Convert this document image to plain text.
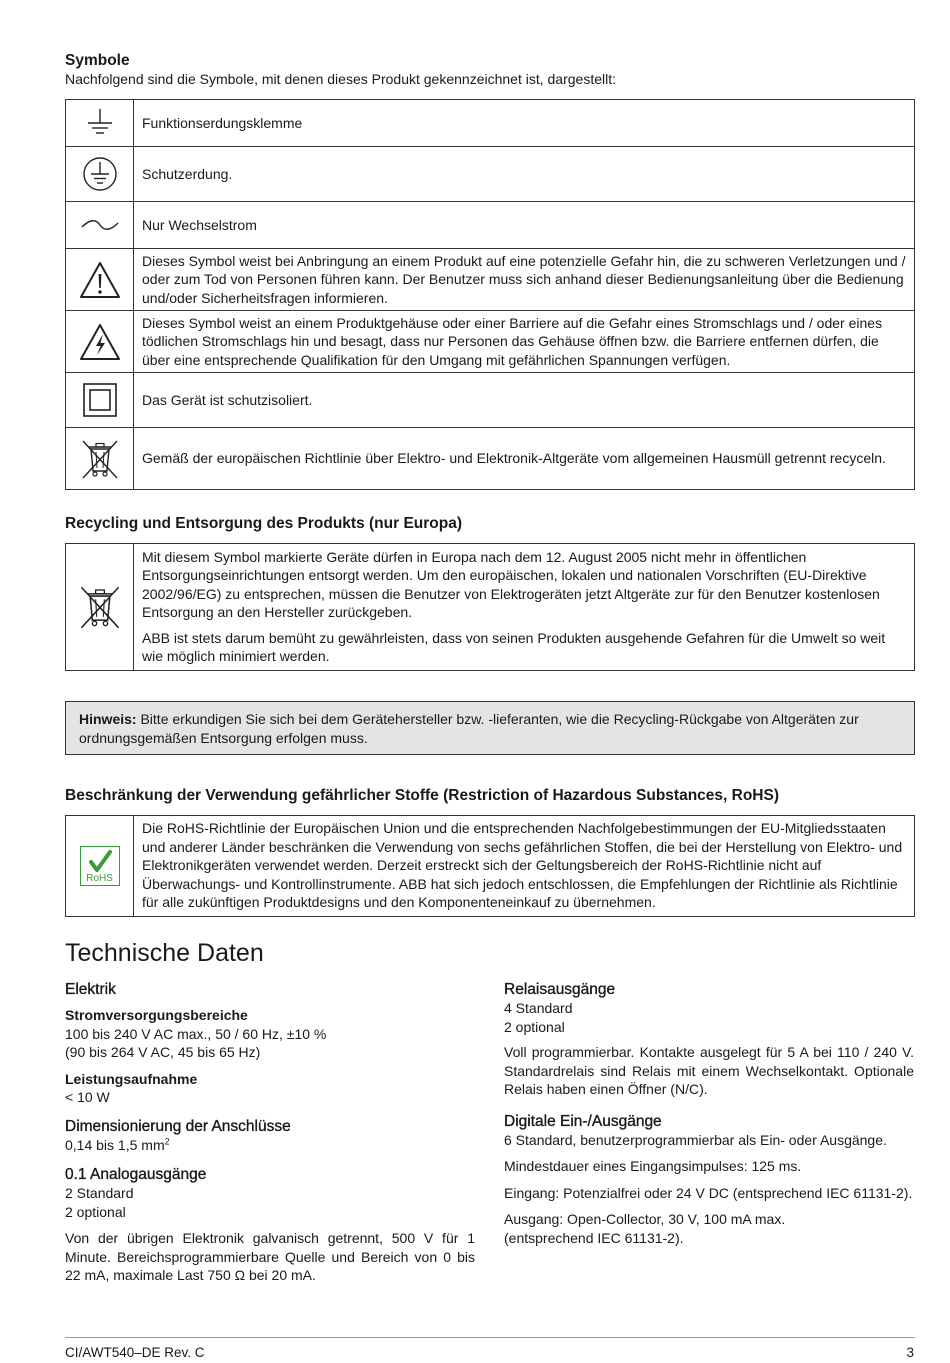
Symbole

Nachfolgend sind die Symbole, mit denen dieses Produkt gekennzeichnet ist, dargestellt:

	Funktionserdungsklemme

	Schutzerdung.

	Nur Wechselstrom

	Dieses Symbol weist bei Anbringung an einem Produkt auf eine potenzielle Gefahr hin, die zu schweren Verletzungen und / oder zum Tod von Personen führen kann. Der Benutzer muss sich anhand dieser Bedienungsanleitung über die Bedienung und/oder Sicherheitsfragen informieren.

	Dieses Symbol weist an einem Produktgehäuse oder einer Barriere auf die Gefahr eines Stromschlags und / oder eines tödlichen Stromschlags hin und besagt, dass nur Personen das Gehäuse öffnen bzw. die Barriere entfernen dürfen, die über eine entsprechende Qualifikation für den Umgang mit gefährlichen Spannungen verfügen.

	Das Gerät ist schutzisoliert.

	Gemäß der europäischen Richtlinie über Elektro- und Elektronik-Altgeräte vom allgemeinen Hausmüll getrennt recyceln.
Recycling und Entsorgung des Produkts (nur Europa)

Mit diesem Symbol markierte Geräte dürfen in Europa nach dem 12. August 2005 nicht mehr in öffentlichen Entsorgungseinrichtungen entsorgt werden. Um den europäischen, lokalen und nationalen Vorschriften (EU-Direktive 2002/96/EG) zu entsprechen, müssen die Benutzer von Elektrogeräten jetzt Altgeräte zur für den Benutzer kostenlosen Entsorgung an den Hersteller zurückgeben.

ABB ist stets darum bemüht zu gewährleisten, dass von seinen Produkten ausgehende Gefahren für die Umwelt so weit wie möglich minimiert werden.

Hinweis: Bitte erkundigen Sie sich bei dem Gerätehersteller bzw. -lieferanten, wie die Recycling-Rückgabe von Altgeräten zur ordnungsgemäßen Entsorgung erfolgen muss.
Beschränkung der Verwendung gefährlicher Stoffe (Restriction of Hazardous Substances, RoHS)
RoHS
	Die RoHS-Richtlinie der Europäischen Union und die entsprechenden Nachfolgebestimmungen der EU-Mitgliedsstaaten und anderer Länder beschränken die Verwendung von sechs gefährlichen Stoffen, die bei der Herstellung von Elektro- und Elektronikgeräten verwendet werden. Derzeit erstreckt sich der Geltungsbereich der RoHS-Richtlinie nicht auf Überwachungs- und Kontrollinstrumente. ABB hat sich jedoch entschlossen, die Empfehlungen der Richtlinie als Richtlinie für alle zukünftigen Produktdesigns und den Komponenteneinkauf zu übernehmen.
Technische Daten
Elektrik
Stromversorgungsbereiche

100 bis 240 V AC max., 50 / 60 Hz, ±10 %

(90 bis 264 V AC, 45 bis 65 Hz)

Leistungsaufnahme

< 10 W

Dimensionierung der Anschlüsse

0,14 bis 1,5 $mm^2$

0.1 Analogausgänge

2 Standard

2 optional

Von der übrigen Elektronik galvanisch getrennt, 500 V für 1 Minute. Bereichsprogrammierbare Quelle und Bereich von 0 bis 22 mA, maximale Last 750 Ω bei 20 mA.

Relaisausgänge

4 Standard

2 optional

Voll programmierbar. Kontakte ausgelegt für 5 A bei 110 / 240 V. Standardrelais sind Relais mit einem Wechselkontakt. Optionale Relais haben einen Öffner (N/C).

Digitale Ein-/Ausgänge

6 Standard, benutzerprogrammierbar als Ein- oder Ausgänge.

Mindestdauer eines Eingangsimpulses: 125 ms.

Eingang: Potenzialfrei oder 24 V DC (entsprechend IEC 61131-2).

Ausgang: Open-Collector, 30 V, 100 mA max.

(entsprechend IEC 61131-2).

CI/AWT540–DE Rev. C	3
